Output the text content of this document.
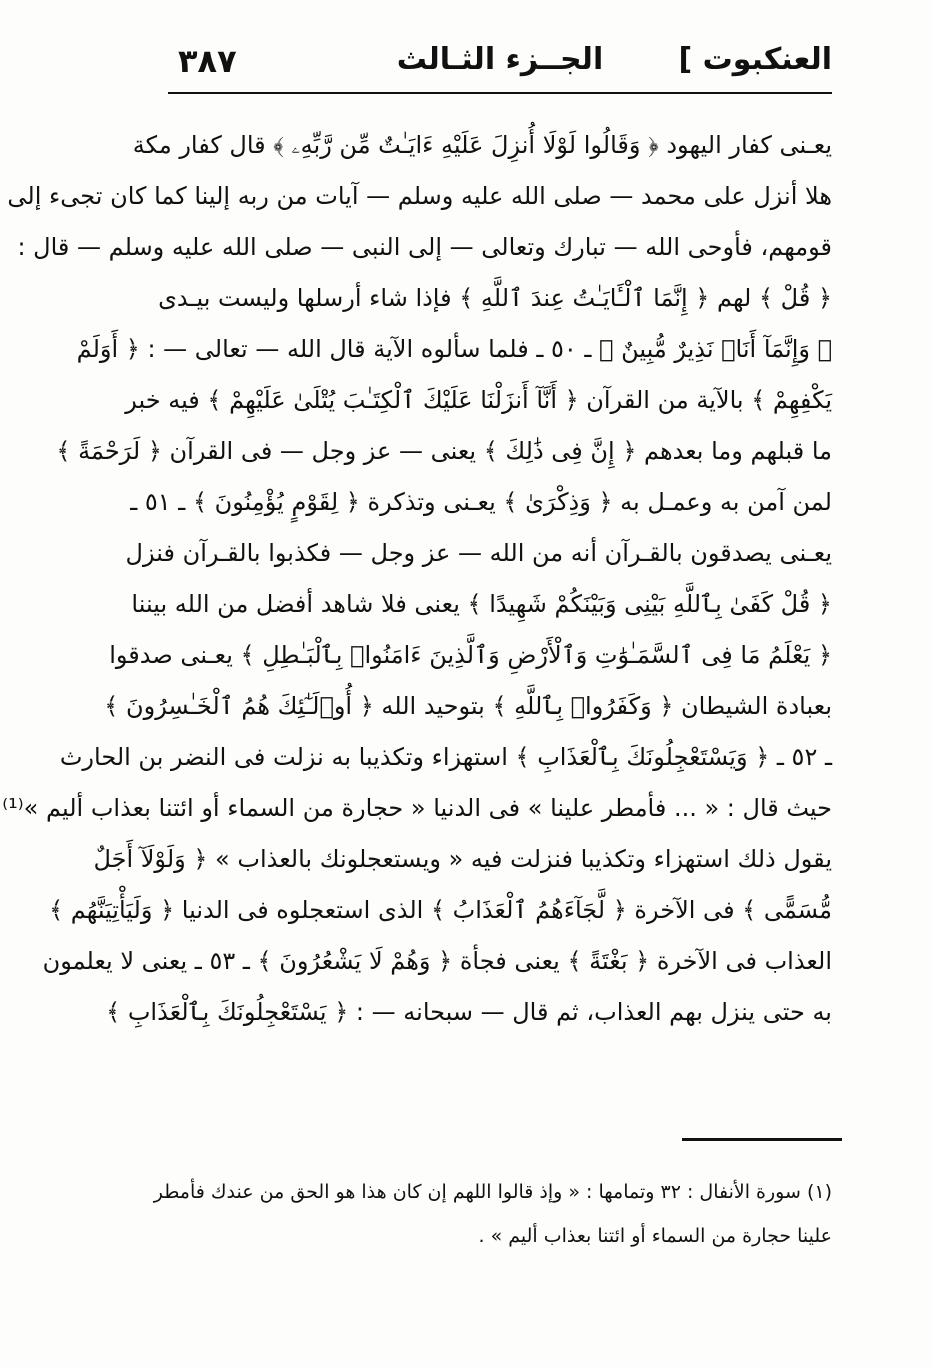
العنكبوت ]
الجــزء الثـالث
٣٨٧
يعـنى كفار اليهود ﴿ وَقَالُوا لَوْلَا أُنزِلَ عَلَيْهِ ءَايَـٰتٌ مِّن رَّبِّهِۦ ﴾ قال كفار مكة
هلا أنزل على محمد — صلى الله عليه وسلم — آيات من ربه إلينا كما كان تجىء إلى
قومهم، فأوحى الله — تبارك وتعالى — إلى النبى — صلى الله عليه وسلم — قال :
﴿ قُلْ ﴾ لهم ﴿ إِنَّمَا ٱلْـَٔايَـٰتُ عِندَ ٱللَّهِ ﴾ فإذا شاء أرسلها وليست بيـدى
﴿ وَإِنَّمَآ أَنَا۠ نَذِيرٌ مُّبِينٌ ﴾ ـ ٥٠ ـ فلما سألوه الآية قال الله — تعالى — : ﴿ أَوَلَمْ
يَكْفِهِمْ ﴾ بالآية من القرآن ﴿ أَنَّآ أَنزَلْنَا عَلَيْكَ ٱلْكِتَـٰبَ يُتْلَىٰ عَلَيْهِمْ ﴾ فيه خبر
ما قبلهم وما بعدهم ﴿ إِنَّ فِى ذَٰلِكَ ﴾ يعنى — عز وجل — فى القرآن ﴿ لَرَحْمَةً ﴾
لمن آمن به وعمـل به ﴿ وَذِكْرَىٰ ﴾ يعـنى وتذكرة ﴿ لِقَوْمٍ يُؤْمِنُونَ ﴾ ـ ٥١ ـ
يعـنى يصدقون بالقـرآن أنه من الله — عز وجل — فكذبوا بالقـرآن فنزل
﴿ قُلْ كَفَىٰ بِٱللَّهِ بَيْنِى وَبَيْنَكُمْ شَهِيدًا ﴾ يعنى فلا شاهد أفضل من الله بيننا
﴿ يَعْلَمُ مَا فِى ٱلسَّمَـٰوَٰتِ وَٱلْأَرْضِ وَٱلَّذِينَ ءَامَنُوا۟ بِٱلْبَـٰطِلِ ﴾ يعـنى صدقوا
بعبادة الشيطان ﴿ وَكَفَرُوا۟ بِٱللَّهِ ﴾ بتوحيد الله ﴿ أُو۟لَـٰٓئِكَ هُمُ ٱلْخَـٰسِرُونَ ﴾
ـ ٥٢ ـ ﴿ وَيَسْتَعْجِلُونَكَ بِٱلْعَذَابِ ﴾ استهزاء وتكذيبا به نزلت فى النضر بن الحارث
حيث قال : « ... فأمطر علينا » فى الدنيا « حجارة من السماء أو ائتنا بعذاب أليم »⁽¹⁾
يقول ذلك استهزاء وتكذيبا فنزلت فيه « ويستعجلونك بالعذاب » ﴿ وَلَوْلَآ أَجَلٌ
مُّسَمًّى ﴾ فى الآخرة ﴿ لَّجَآءَهُمُ ٱلْعَذَابُ ﴾ الذى استعجلوه فى الدنيا ﴿ وَلَيَأْتِيَنَّهُم ﴾
العذاب فى الآخرة ﴿ بَغْتَةً ﴾ يعنى فجأة ﴿ وَهُمْ لَا يَشْعُرُونَ ﴾ ـ ٥٣ ـ يعنى لا يعلمون
به حتى ينزل بهم العذاب، ثم قال — سبحانه — : ﴿ يَسْتَعْجِلُونَكَ بِٱلْعَذَابِ ﴾
(١) سورة الأنفال : ٣٢ وتمامها : « وإذ قالوا اللهم إن كان هذا هو الحق من عندك فأمطر
علينا حجارة من السماء أو ائتنا بعذاب أليم » .
